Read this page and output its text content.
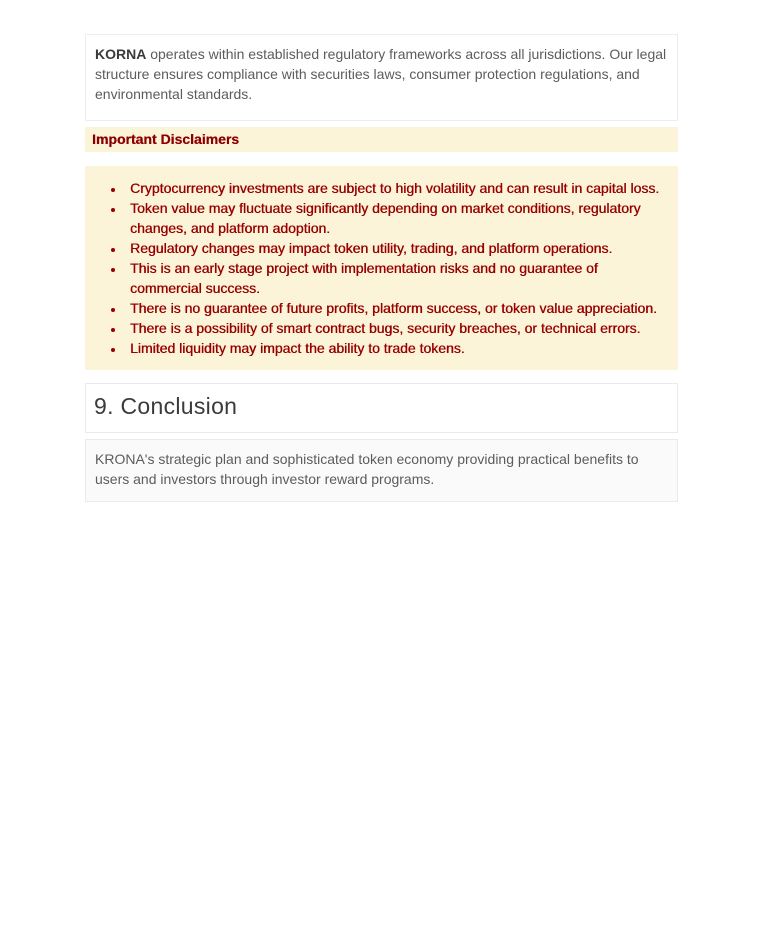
KORNA operates within established regulatory frameworks across all jurisdictions. Our legal structure ensures compliance with securities laws, consumer protection regulations, and environmental standards.
Important Disclaimers
• Cryptocurrency investments are subject to high volatility and can result in capital loss.
• Token value may fluctuate significantly depending on market conditions, regulatory changes, and platform adoption.
• Regulatory changes may impact token utility, trading, and platform operations.
• This is an early stage project with implementation risks and no guarantee of commercial success.
• There is no guarantee of future profits, platform success, or token value appreciation.
• There is a possibility of smart contract bugs, security breaches, or technical errors.
• Limited liquidity may impact the ability to trade tokens.
9. Conclusion
KRONA's strategic plan and sophisticated token economy providing practical benefits to users and investors through investor reward programs.
